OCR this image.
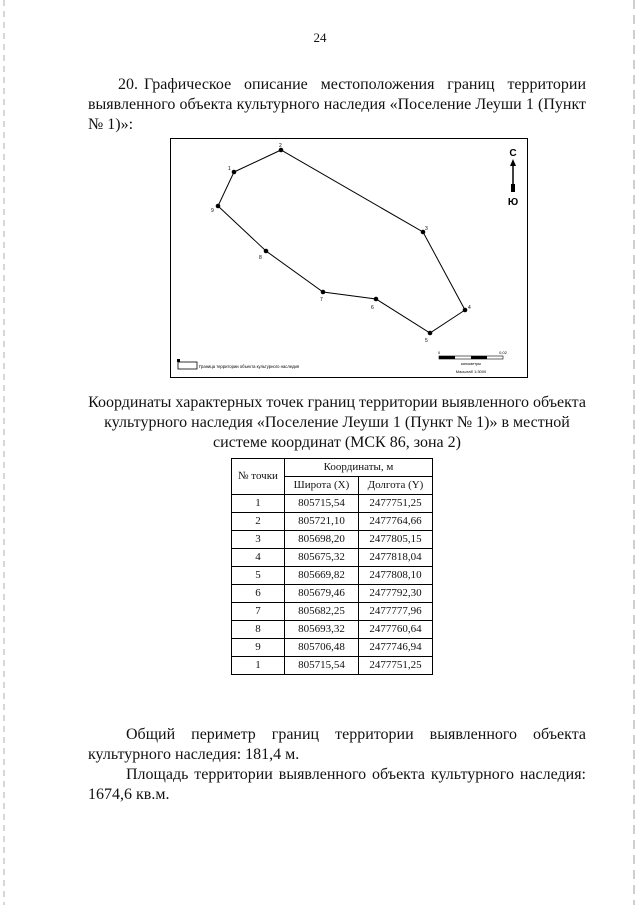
24
20. Графическое описание местоположения границ территории выявленного объекта культурного наследия «Поселение Леуши 1 (Пункт № 1)»:
1
2
3
4
5
6
7
8
9
С
Ю
Граница территории объекта культурного наследия
0	0,02
километры
Масштаб 1:3000
Координаты характерных точек границ территории выявленного объекта культурного наследия «Поселение Леуши 1 (Пункт № 1)» в местной системе координат (МСК 86, зона 2)
№ точки	Координаты, м	
	Широта (X)	Долгота (Y)
1	805715,54	2477751,25
2	805721,10	2477764,66
3	805698,20	2477805,15
4	805675,32	2477818,04
5	805669,82	2477808,10
6	805679,46	2477792,30
7	805682,25	2477777,96
8	805693,32	2477760,64
9	805706,48	2477746,94
1	805715,54	2477751,25
Общий периметр границ территории выявленного объекта культурного наследия: 181,4 м.
Площадь территории выявленного объекта культурного наследия: 1674,6 кв.м.
